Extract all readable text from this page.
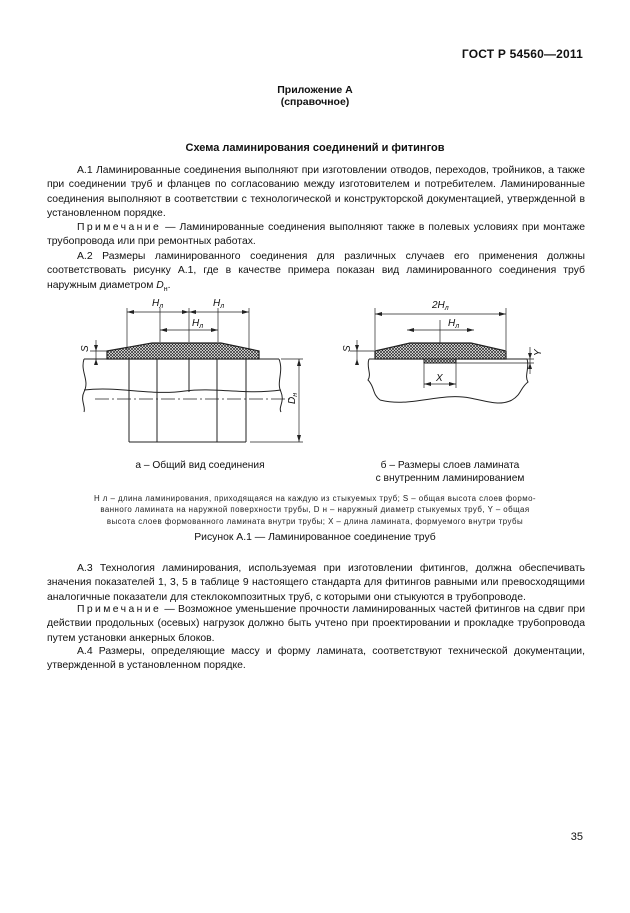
ГОСТ Р 54560—2011
Приложение А
(справочное)
Схема ламинирования соединений и фитингов
А.1 Ламинированные соединения выполняют при изготовлении отводов, переходов, тройников, а также при соединении труб и фланцев по согласованию между изготовителем и потребителем. Ламинированные соединения выполняют в соответствии с технологической и конструкторской документацией, утвержденной в установленном порядке.
Примечание — Ламинированные соединения выполняют также в полевых условиях при монтаже трубопровода или при ремонтных работах.
А.2 Размеры ламинированного соединения для различных случаев его применения должны соответствовать рисунку А.1, где в качестве примера показан вид ламинированного соединения труб наружным диаметром $D_н$.
$H_л$	$H_л$
$H_л$
S
$D_н$
$2H_л$
$H_л$
S
Y
X
а – Общий вид соединения	б – Размеры слоев ламината
с внутренним ламинированием
H л – длина ламинирования, приходящаяся на каждую из стыкуемых труб; S – общая высота слоев формо-
ванного ламината на наружной поверхности трубы, D н – наружный диаметр стыкуемых труб, Y – общая
высота слоев формованного ламината внутри трубы; X – длина ламината, формуемого внутри трубы
Рисунок А.1 — Ламинированное соединение труб
А.3 Технология ламинирования, используемая при изготовлении фитингов, должна обеспечивать значения показателей 1, 3, 5 в таблице 9 настоящего стандарта для фитингов равными или превосходящими аналогичные показатели для стеклокомпозитных труб, с которыми они стыкуются в трубопроводе.
Примечание — Возможное уменьшение прочности ламинированных частей фитингов на сдвиг при действии продольных (осевых) нагрузок должно быть учтено при проектировании и прокладке трубопровода путем установки анкерных блоков.
А.4 Размеры, определяющие массу и форму ламината, соответствуют технической документации, утвержденной в установленном порядке.
35
